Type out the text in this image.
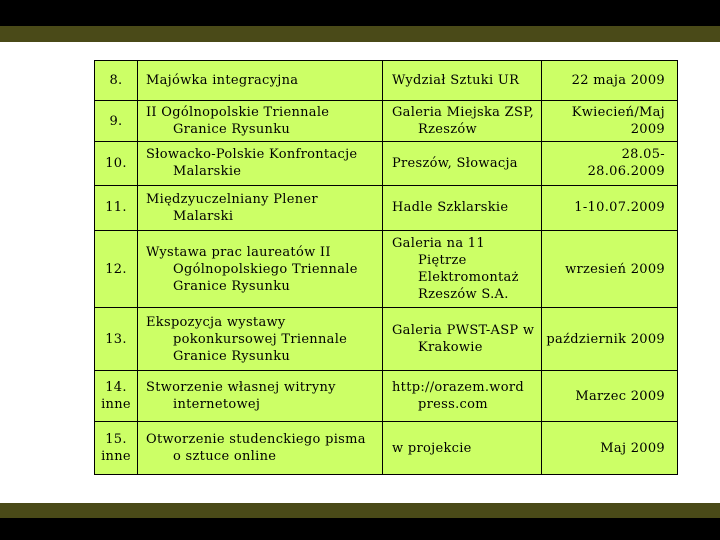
8.	Majówka integracyjna	Wydział Sztuki UR	22 maja 2009
9.	II Ogólnopolskie Triennale Granice Rysunku	Galeria Miejska ZSP, Rzeszów	Kwiecień/Maj 2009
10.	Słowacko-Polskie Konfrontacje Malarskie	Preszów, Słowacja	28.05-28.06.2009
11.	Międzyuczelniany Plener Malarski	Hadle Szklarskie	1-10.07.2009
12.	Wystawa prac laureatów II Ogólnopolskiego Triennale Granice Rysunku	Galeria na 11 Piętrze Elektromontaż Rzeszów S.A.	wrzesień 2009
13.	Ekspozycja wystawy pokonkursowej Triennale Granice Rysunku	Galeria PWST-ASP w Krakowie	październik 2009
14. inne	Stworzenie własnej witryny internetowej	http://orazem.word press.com	Marzec 2009
15. inne	Otworzenie studenckiego pisma o sztuce online	w projekcie	Maj 2009
